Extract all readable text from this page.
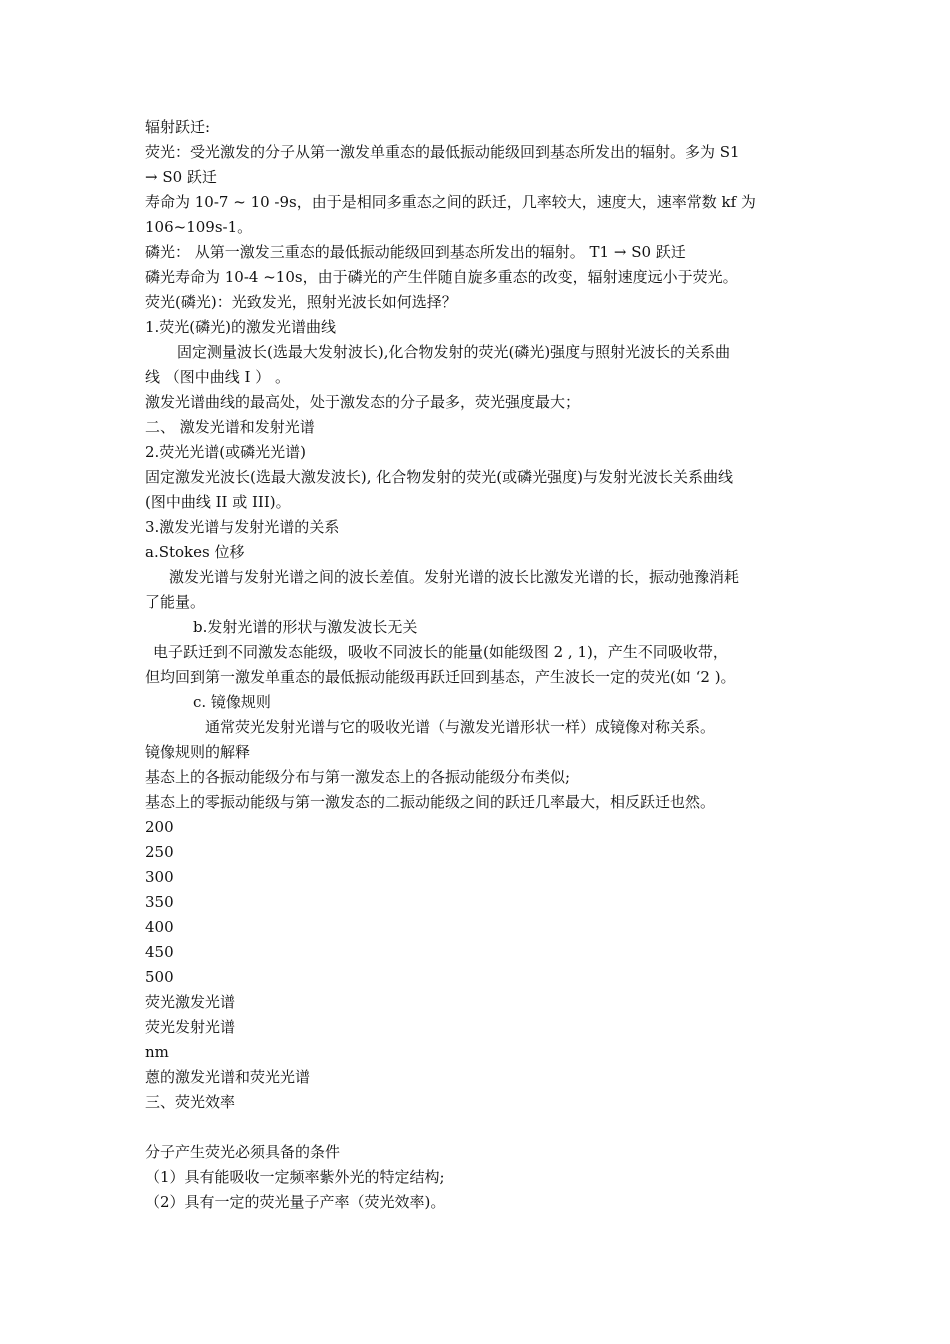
辐射跃迁:
荧光：受光激发的分子从第一激发单重态的最低振动能级回到基态所发出的辐射。多为 S1
→ S0 跃迁
寿命为 10-7 ~ 10 -9s，由于是相同多重态之间的跃迁，几率较大，速度大，速率常数 kf 为
106~109s-1。
磷光： 从第一激发三重态的最低振动能级回到基态所发出的辐射。 T1 → S0 跃迁
磷光寿命为 10-4 ~10s，由于磷光的产生伴随自旋多重态的改变，辐射速度远小于荧光。
荧光(磷光)：光致发光，照射光波长如何选择？
1.荧光(磷光)的激发光谱曲线
固定测量波长(选最大发射波长),化合物发射的荧光(磷光)强度与照射光波长的关系曲
线 （图中曲线 I ） 。
激发光谱曲线的最高处，处于激发态的分子最多，荧光强度最大；
二、 激发光谱和发射光谱
2.荧光光谱(或磷光光谱)
固定激发光波长(选最大激发波长), 化合物发射的荧光(或磷光强度)与发射光波长关系曲线
(图中曲线 II 或 III)。
3.激发光谱与发射光谱的关系
a.Stokes 位移
激发光谱与发射光谱之间的波长差值。发射光谱的波长比激发光谱的长，振动弛豫消耗
了能量。
b.发射光谱的形状与激发波长无关
电子跃迁到不同激发态能级，吸收不同波长的能量(如能级图 2 , 1)，产生不同吸收带，
但均回到第一激发单重态的最低振动能级再跃迁回到基态，产生波长一定的荧光(如 ‘2 )。
c. 镜像规则
通常荧光发射光谱与它的吸收光谱（与激发光谱形状一样）成镜像对称关系。
镜像规则的解释
基态上的各振动能级分布与第一激发态上的各振动能级分布类似;
基态上的零振动能级与第一激发态的二振动能级之间的跃迁几率最大，相反跃迁也然。
200
250
300
350
400
450
500
荧光激发光谱
荧光发射光谱
nm
蒽的激发光谱和荧光光谱
三、荧光效率
分子产生荧光必须具备的条件
（1）具有能吸收一定频率紫外光的特定结构;
（2）具有一定的荧光量子产率（荧光效率)。
